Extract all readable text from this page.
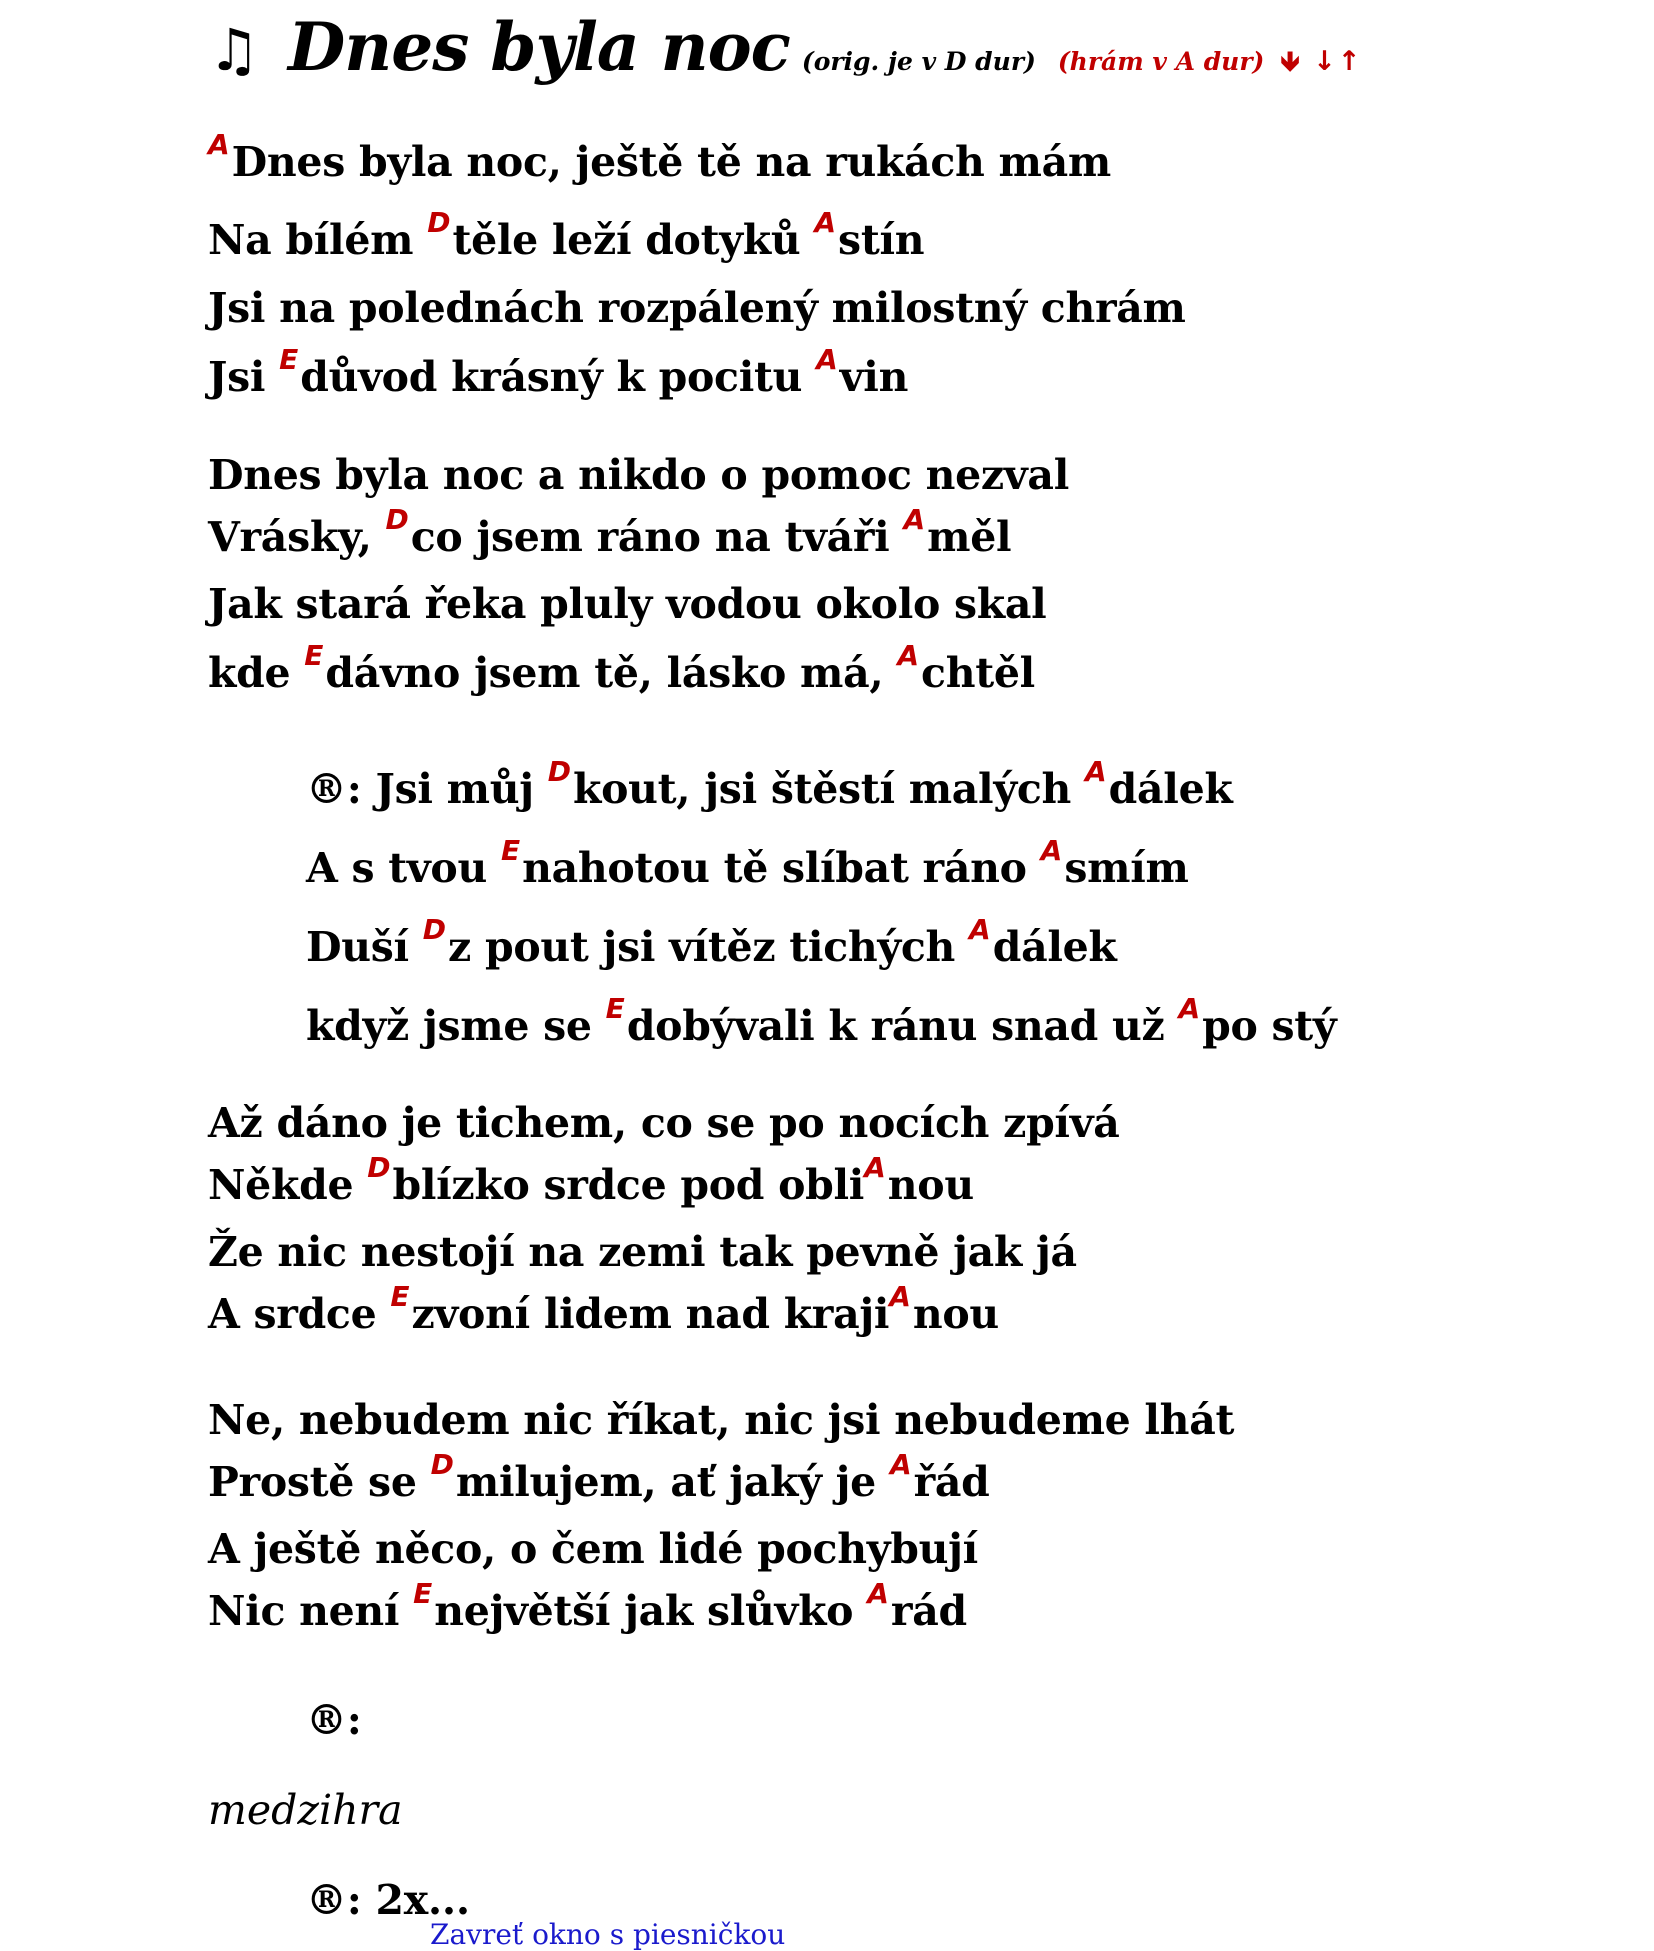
♫ Dnes byla noc (orig. je v D dur) (hrám v A dur) 🡻 ↓↑
ADnes byla noc, ještě tě na rukách mám
Na bílém Dtěle leží dotyků Astín
Jsi na polednách rozpálený milostný chrám
Jsi Edůvod krásný k pocitu Avin
Dnes byla noc a nikdo o pomoc nezval
Vrásky, Dco jsem ráno na tváři Aměl
Jak stará řeka pluly vodou okolo skal
kde Edávno jsem tě, lásko má, Achtěl
®: Jsi můj Dkout, jsi štěstí malých Adálek
A s tvou Enahotou tě slíbat ráno Asmím
Duší Dz pout jsi vítěz tichých Adálek
když jsme se Edobývali k ránu snad už Apo stý
Až dáno je tichem, co se po nocích zpívá
Někde Dblízko srdce pod obliAnou
Že nic nestojí na zemi tak pevně jak já
A srdce Ezvoní lidem nad krajiAnou
Ne, nebudem nic říkat, nic jsi nebudeme lhát
Prostě se Dmilujem, ať jaký je Ařád
A ještě něco, o čem lidé pochybují
Nic není Enejvětší jak slůvko Arád
®:
medzihra
®: 2x...
Zavreť okno s piesničkou
